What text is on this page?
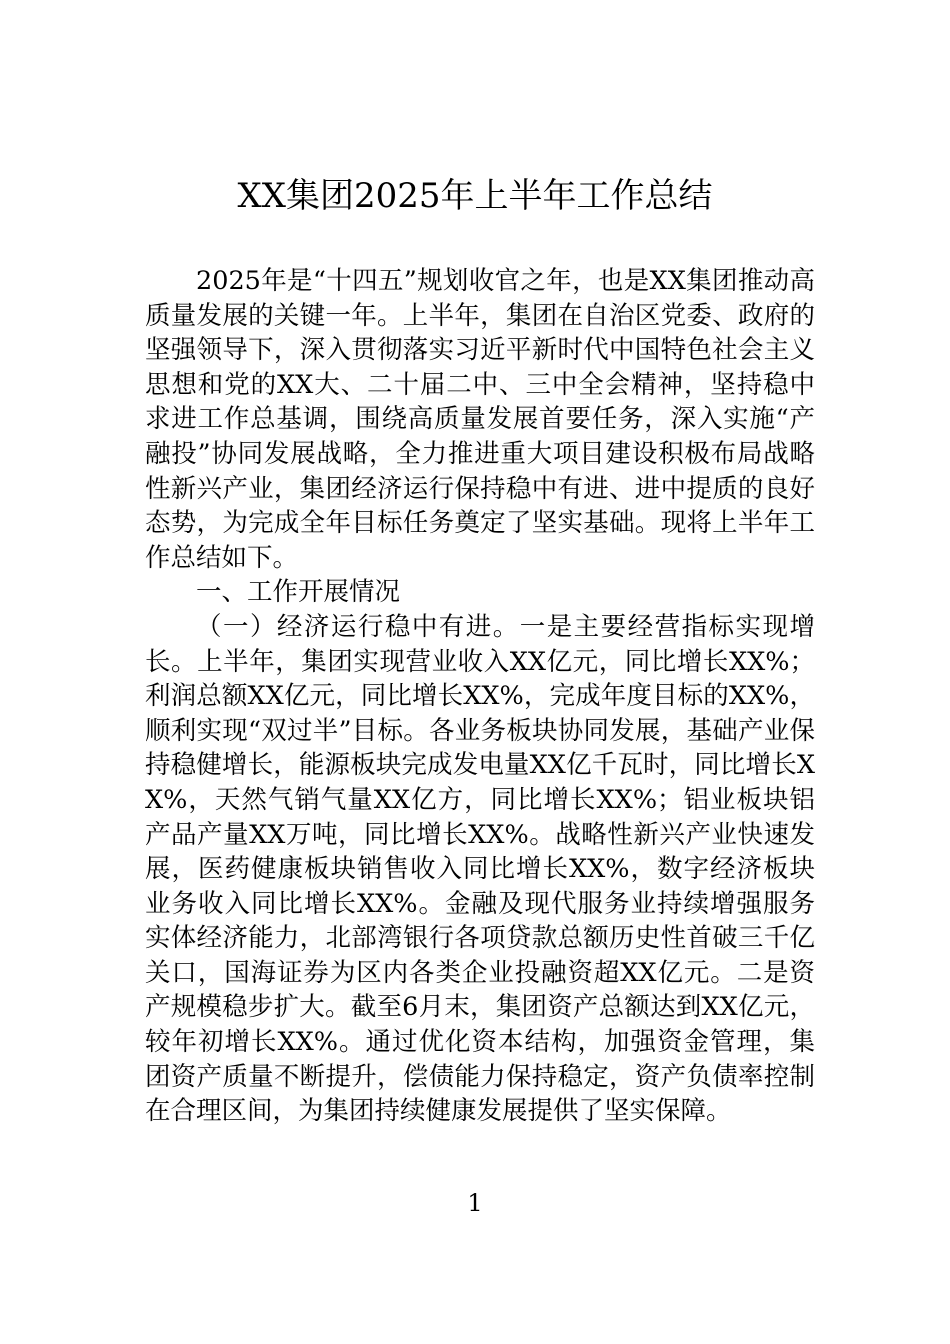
XX集团2025年上半年工作总结

2025年是“十四五”规划收官之年，也是XX集团推动高质量发展的关键一年。上半年，集团在自治区党委、政府的坚强领导下，深入贯彻落实习近平新时代中国特色社会主义思想和党的XX大、二十届二中、三中全会精神，坚持稳中求进工作总基调，围绕高质量发展首要任务，深入实施“产融投”协同发展战略，全力推进重大项目建设积极布局战略性新兴产业，集团经济运行保持稳中有进、进中提质的良好态势，为完成全年目标任务奠定了坚实基础。现将上半年工作总结如下。

一、工作开展情况

（一）经济运行稳中有进。一是主要经营指标实现增长。上半年，集团实现营业收入XX亿元，同比增长XX%；利润总额XX亿元，同比增长XX%，完成年度目标的XX%，顺利实现“双过半”目标。各业务板块协同发展，基础产业保持稳健增长，能源板块完成发电量XX亿千瓦时，同比增长XX%，天然气销气量XX亿方，同比增长XX%；铝业板块铝产品产量XX万吨，同比增长XX%。战略性新兴产业快速发展，医药健康板块销售收入同比增长XX%，数字经济板块业务收入同比增长XX%。金融及现代服务业持续增强服务实体经济能力，北部湾银行各项贷款总额历史性首破三千亿关口，国海证券为区内各类企业投融资超XX亿元。二是资产规模稳步扩大。截至6月末，集团资产总额达到XX亿元，较年初增长XX%。通过优化资本结构，加强资金管理，集团资产质量不断提升，偿债能力保持稳定，资产负债率控制在合理区间，为集团持续健康发展提供了坚实保障。

1
